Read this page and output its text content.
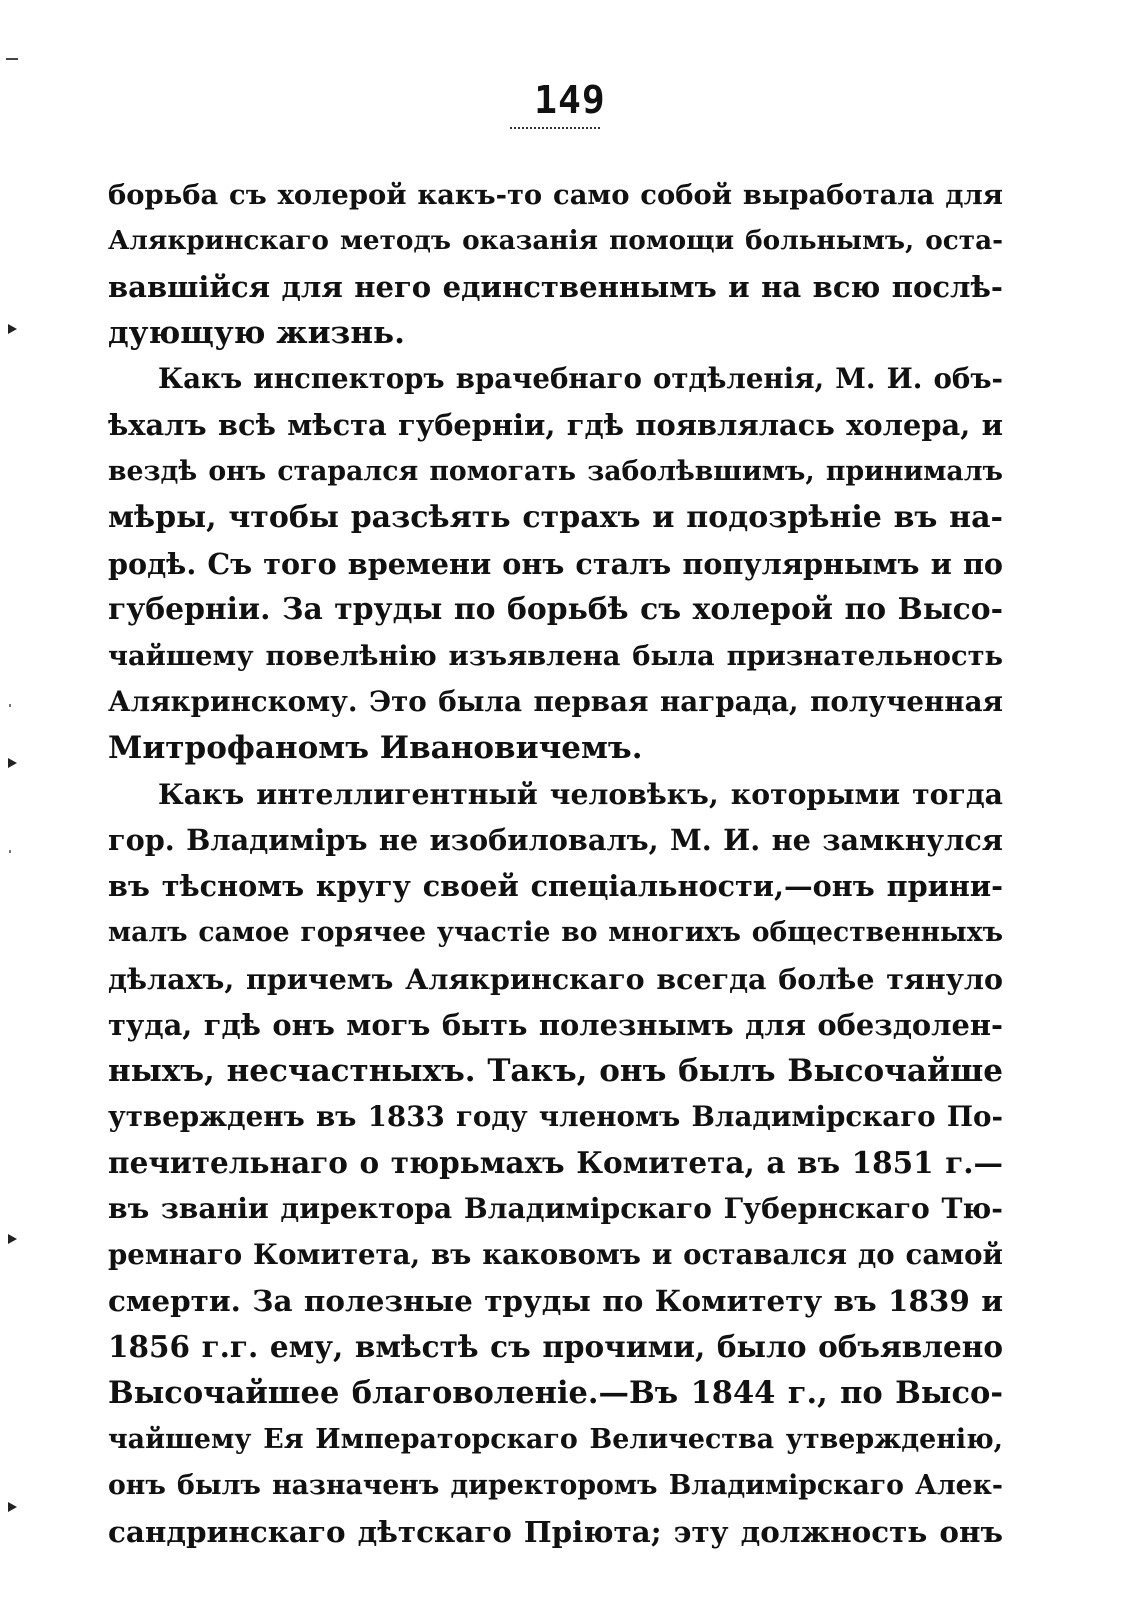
149
борьба съ холерой какъ-то само собой выработала для
Алякринскаго методъ оказанія помощи больнымъ, оста-
вавшійся для него единственнымъ и на всю послѣ-
дующую жизнь.
Какъ инспекторъ врачебнаго отдѣленія, М. И. объ-
ѣхалъ всѣ мѣста губерніи, гдѣ появлялась холера, и
вездѣ онъ старался помогать заболѣвшимъ, принималъ
мѣры, чтобы разсѣять страхъ и подозрѣніе въ на-
родѣ. Съ того времени онъ сталъ популярнымъ и по
губерніи. За труды по борьбѣ съ холерой по Высо-
чайшему повелѣнію изъявлена была признательность
Алякринскому. Это была первая награда, полученная
Митрофаномъ Ивановичемъ.
Какъ интеллигентный человѣкъ, которыми тогда
гор. Владиміръ не изобиловалъ, М. И. не замкнулся
въ тѣсномъ кругу своей спеціальности,—онъ прини-
малъ самое горячее участіе во многихъ общественныхъ
дѣлахъ, причемъ Алякринскаго всегда болѣе тянуло
туда, гдѣ онъ могъ быть полезнымъ для обездолен-
ныхъ, несчастныхъ. Такъ, онъ былъ Высочайше
утвержденъ въ 1833 году членомъ Владимірскаго По-
печительнаго о тюрьмахъ Комитета, а въ 1851 г.—
въ званіи директора Владимірскаго Губернскаго Тю-
ремнаго Комитета, въ каковомъ и оставался до самой
смерти. За полезные труды по Комитету въ 1839 и
1856 г.г. ему, вмѣстѣ съ прочими, было объявлено
Высочайшее благоволеніе.—Въ 1844 г., по Высо-
чайшему Ея Императорскаго Величества утвержденію,
онъ былъ назначенъ директоромъ Владимірскаго Алек-
сандринскаго дѣтскаго Пріюта; эту должность онъ
